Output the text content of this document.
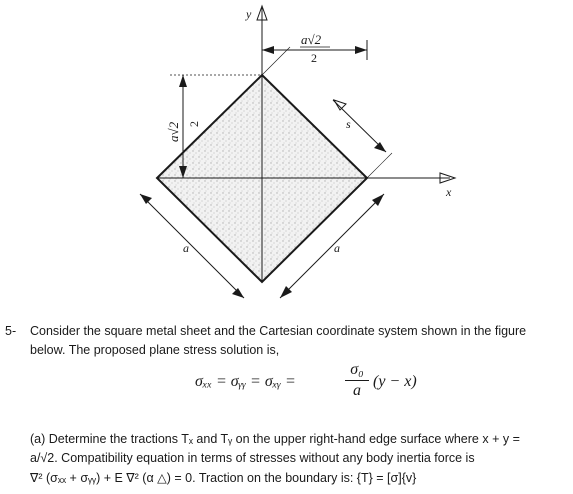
y
x
a√2
2
a√2 2	s
a	a
5- Consider the square metal sheet and the Cartesian coordinate system shown in the figure
below. The proposed plane stress solution is,
σₓₓ = σᵧᵧ = σₓᵧ =
σ₀
a
(y − x)
(a) Determine the tractions Tₓ and Tᵧ on the upper right-hand edge surface where x + y =
a/√2. Compatibility equation in terms of stresses without any body inertia force is
∇² (σₓₓ + σᵧᵧ) + E ∇² (α △) = 0. Traction on the boundary is: {T} = [σ]{v}
